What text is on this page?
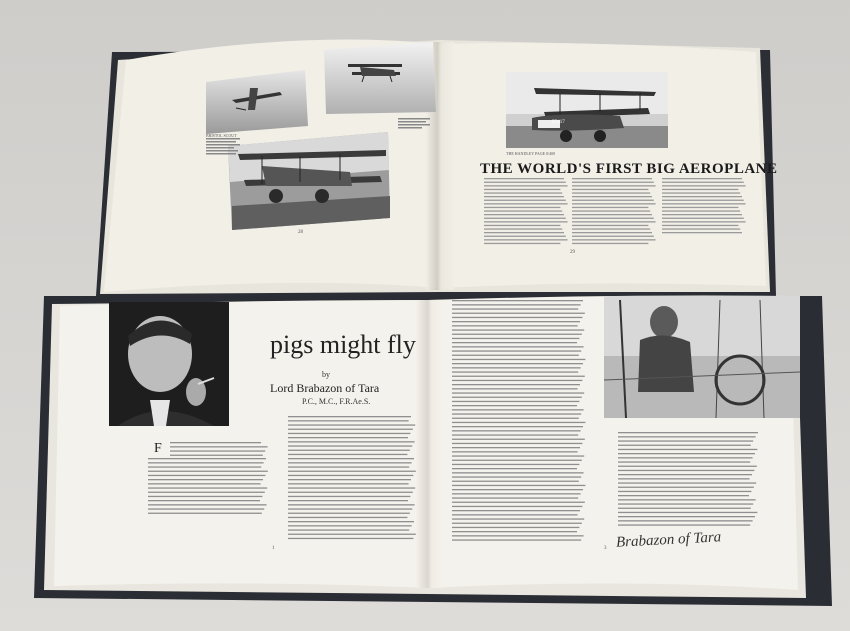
F
THE WORLD'S FIRST BIG AEROPLANE
THE HANDLEY PAGE 0/400
F5417
BRISTOL SCOUT
28
29
pigs might fly
by
Lord Brabazon of Tara
P.C., M.C., F.R.Ae.S.
1	3 Brabazon of Tara
